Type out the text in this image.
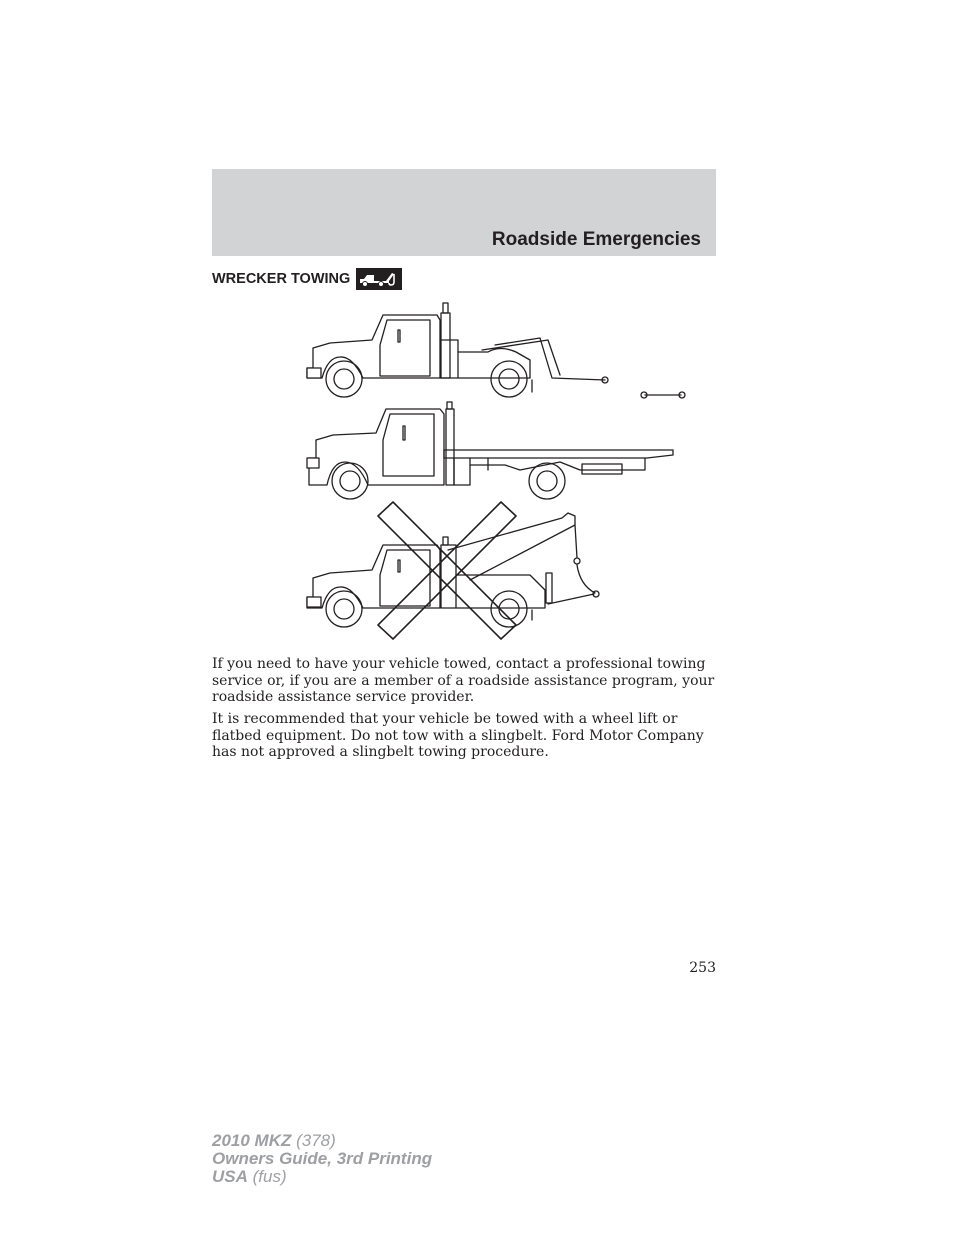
Roadside Emergencies
WRECKER TOWING

If you need to have your vehicle towed, contact a professional towing service or, if you are a member of a roadside assistance program, your roadside assistance service provider.

It is recommended that your vehicle be towed with a wheel lift or flatbed equipment. Do not tow with a slingbelt. Ford Motor Company has not approved a slingbelt towing procedure.

253
2010 MKZ (378)
Owners Guide, 3rd Printing
USA (fus)
